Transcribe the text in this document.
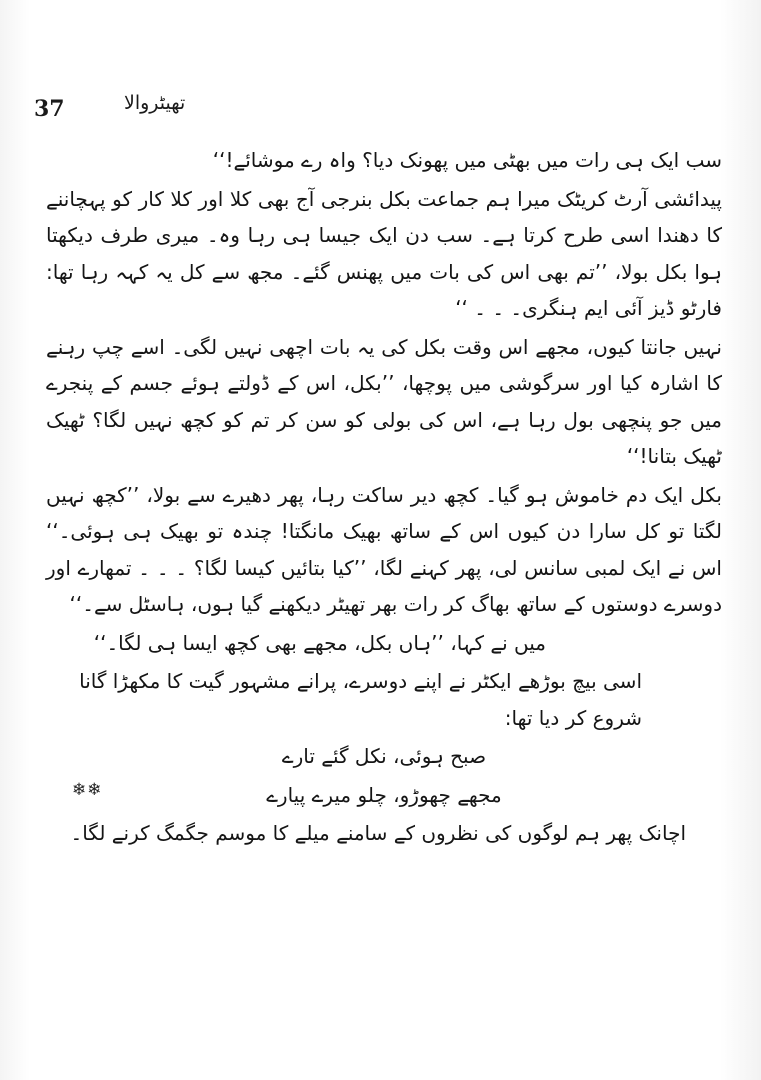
37	تھیٹروالا

سب ایک ہی رات میں بھٹی میں پھونک دیا؟ واہ رے موشائے!‘‘

پیدائشی آرٹ کریٹک میرا ہم جماعت بکل بنرجی آج بھی کلا اور کلا کار کو پہچاننے کا دھندا اسی طرح کرتا ہے۔ سب دن ایک جیسا ہی رہا وہ۔ میری طرف دیکھتا ہوا بکل بولا، ’’تم بھی اس کی بات میں پھنس گئے۔ مجھ سے کل یہ کہہ رہا تھا: فارٹو ڈیز آئی ایم ہنگری۔ ۔ ۔ ‘‘

نہیں جانتا کیوں، مجھے اس وقت بکل کی یہ بات اچھی نہیں لگی۔ اسے چپ رہنے کا اشارہ کیا اور سرگوشی میں پوچھا، ’’بکل، اس کے ڈولتے ہوئے جسم کے پنجرے میں جو پنچھی بول رہا ہے، اس کی بولی کو سن کر تم کو کچھ نہیں لگا؟ ٹھیک ٹھیک بتانا!‘‘

بکل ایک دم خاموش ہو گیا۔ کچھ دیر ساکت رہا، پھر دھیرے سے بولا، ’’کچھ نہیں لگتا تو کل سارا دن کیوں اس کے ساتھ بھیک مانگتا! چندہ تو بھیک ہی ہوئی۔‘‘ اس نے ایک لمبی سانس لی، پھر کہنے لگا، ’’کیا بتائیں کیسا لگا؟ ۔ ۔ ۔ تمھارے اور دوسرے دوستوں کے ساتھ بھاگ کر رات بھر تھیٹر دیکھنے گیا ہوں، ہاسٹل سے۔‘‘

میں نے کہا، ’’ہاں بکل، مجھے بھی کچھ ایسا ہی لگا۔‘‘

اسی بیچ بوڑھے ایکٹر نے اپنے دوسرے، پرانے مشہور گیت کا مکھڑا گانا شروع کر دیا تھا:

صبح ہوئی، نکل گئے تارے

مجھے چھوڑو، چلو میرے پیارے

اچانک پھر ہم لوگوں کی نظروں کے سامنے میلے کا موسم جگمگ کرنے لگا۔

❄❄
